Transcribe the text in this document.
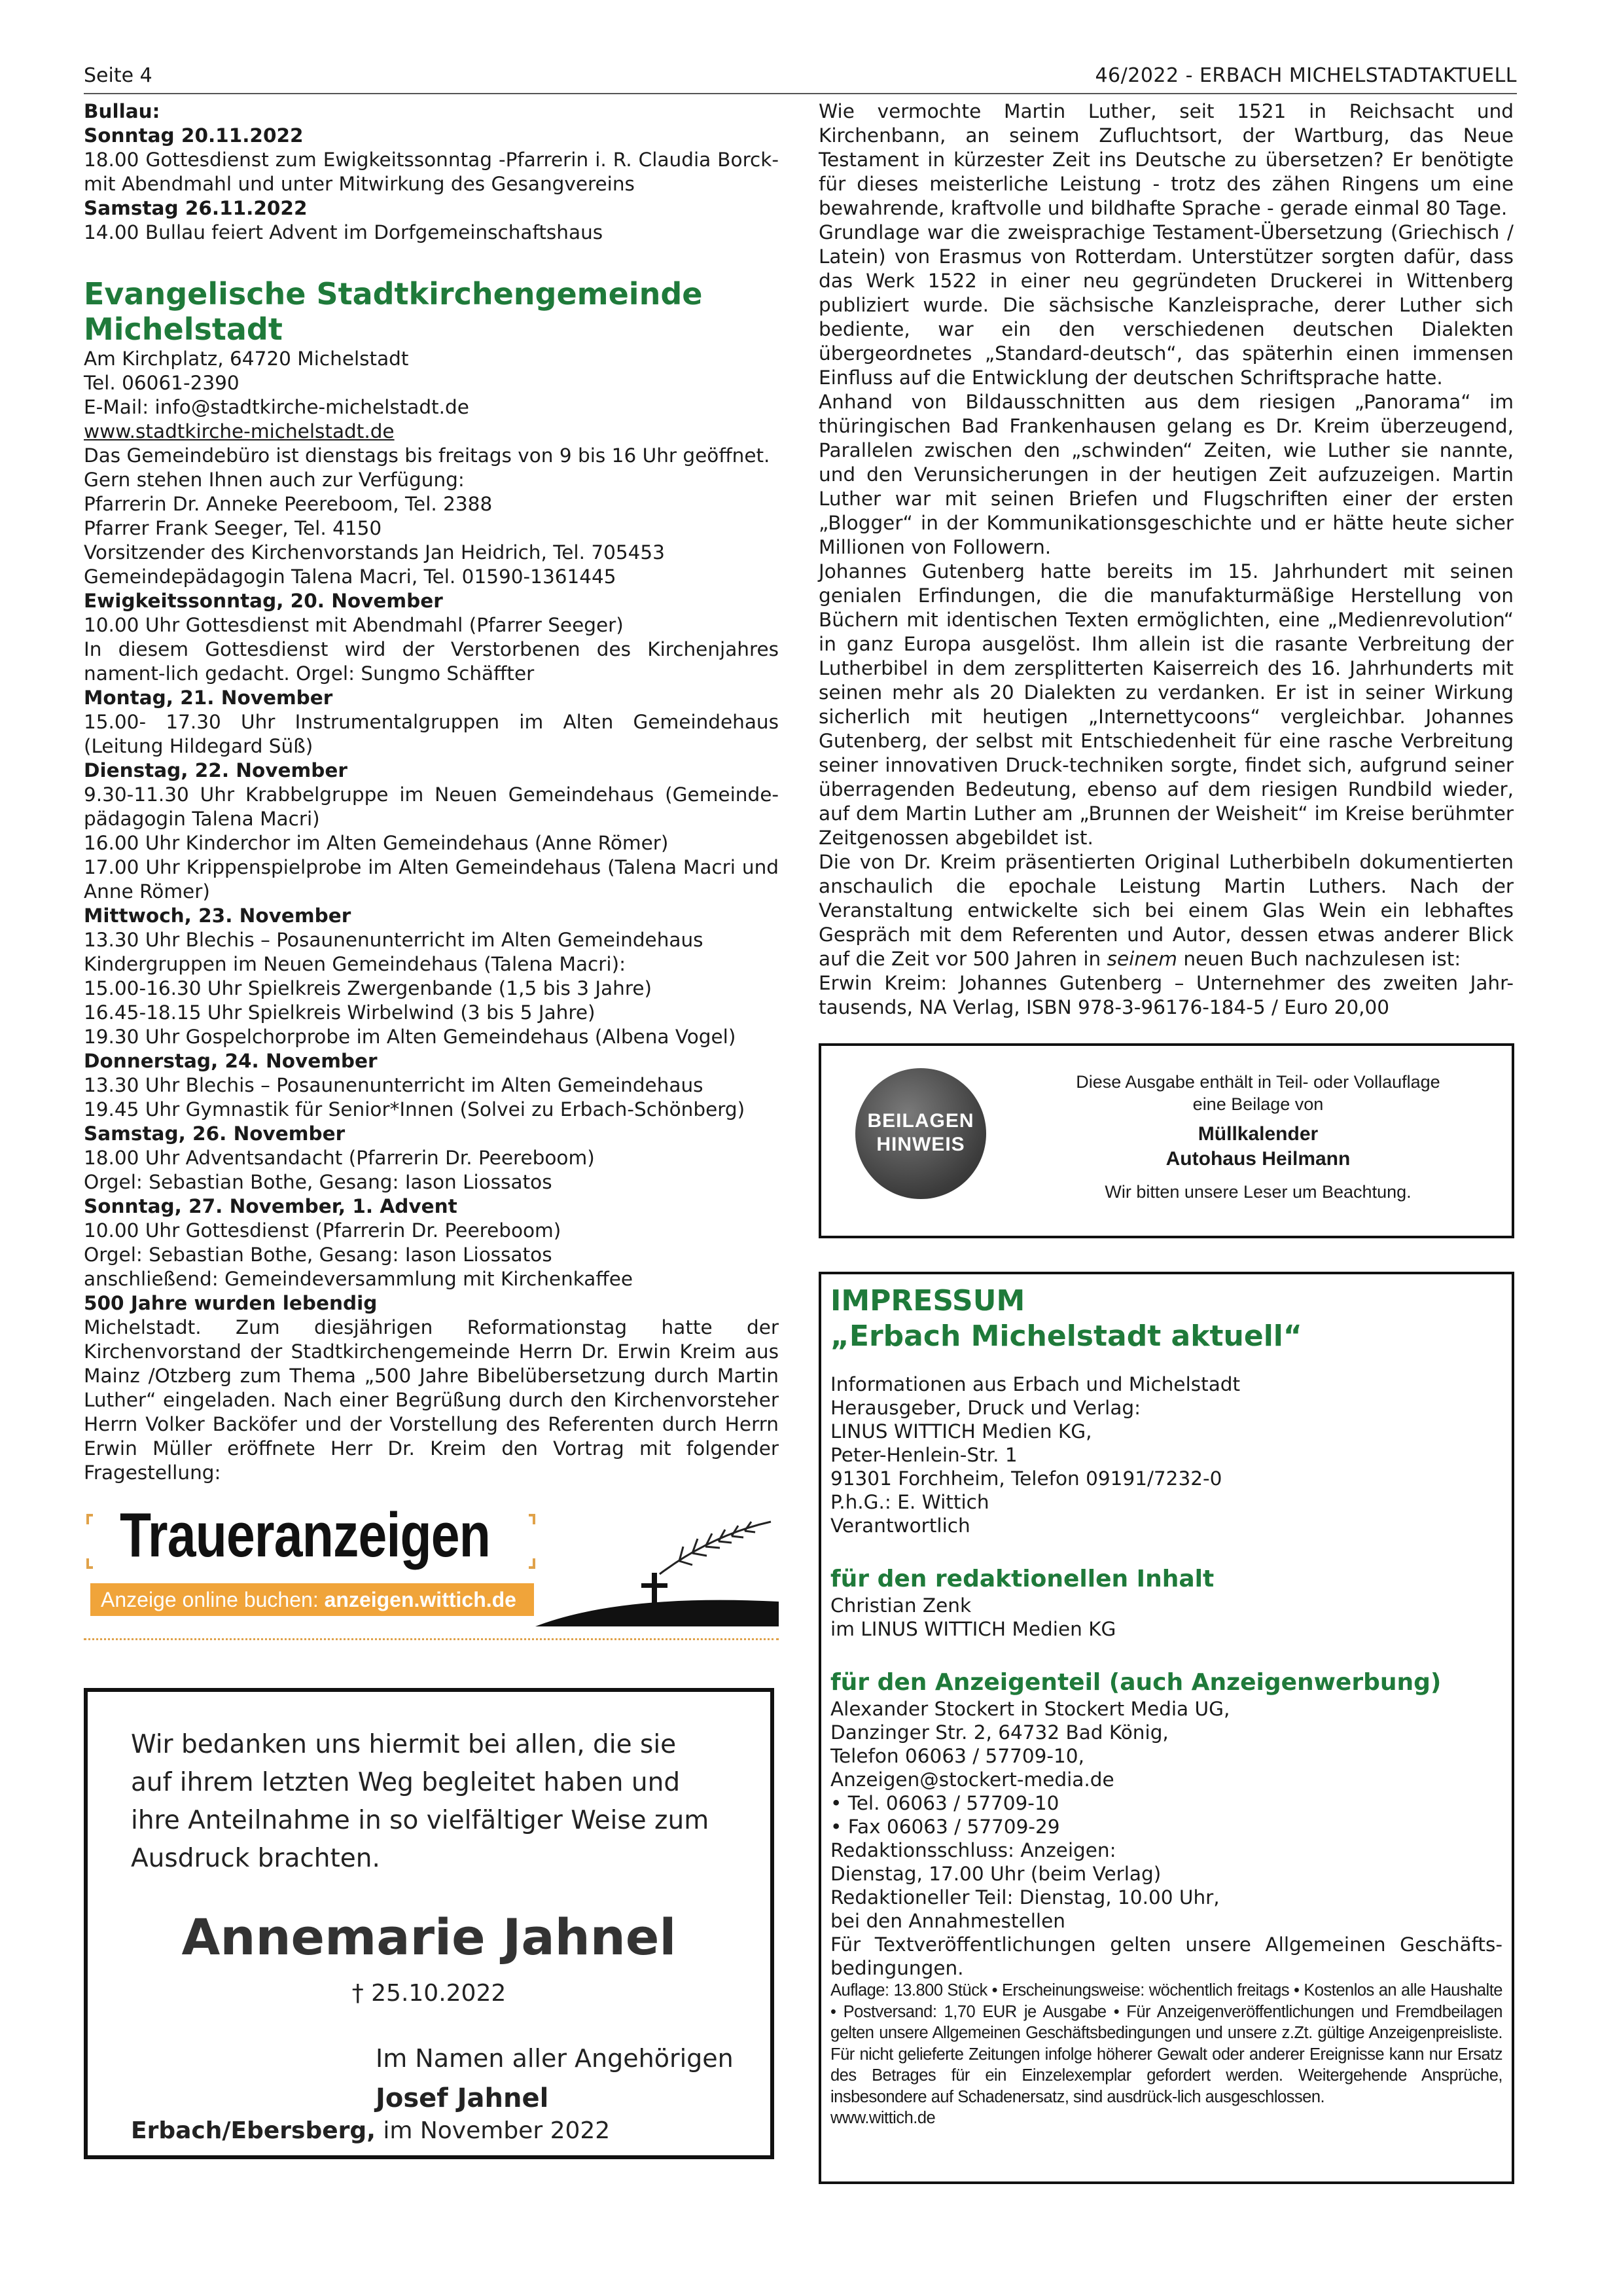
Seite 4	46/2022 - ERBACH MICHELSTADTAKTUELL

Bullau:

Sonntag 20.11.2022

18.00 Gottesdienst zum Ewigkeitssonntag -Pfarrerin i. R. Claudia Borck-mit Abendmahl und unter Mitwirkung des Gesangvereins

Samstag 26.11.2022

14.00 Bullau feiert Advent im Dorfgemeinschaftshaus

Evangelische Stadtkirchengemeinde Michelstadt

Am Kirchplatz, 64720 Michelstadt

Tel. 06061-2390

E-Mail: info@stadtkirche-michelstadt.de

www.stadtkirche-michelstadt.de

Das Gemeindebüro ist dienstags bis freitags von 9 bis 16 Uhr geöffnet.

Gern stehen Ihnen auch zur Verfügung:

Pfarrerin Dr. Anneke Peereboom, Tel. 2388

Pfarrer Frank Seeger, Tel. 4150

Vorsitzender des Kirchenvorstands Jan Heidrich, Tel. 705453

Gemeindepädagogin Talena Macri, Tel. 01590-1361445

Ewigkeitssonntag, 20. November

10.00 Uhr Gottesdienst mit Abendmahl (Pfarrer Seeger)

In diesem Gottesdienst wird der Verstorbenen des Kirchenjahres nament-lich gedacht. Orgel: Sungmo Schäffter

Montag, 21. November

15.00- 17.30 Uhr Instrumentalgruppen im Alten Gemeindehaus (Leitung Hildegard Süß)

Dienstag, 22. November

9.30-11.30 Uhr Krabbelgruppe im Neuen Gemeindehaus (Gemeinde-pädagogin Talena Macri)

16.00 Uhr Kinderchor im Alten Gemeindehaus (Anne Römer)

17.00 Uhr Krippenspielprobe im Alten Gemeindehaus (Talena Macri und Anne Römer)

Mittwoch, 23. November

13.30 Uhr Blechis – Posaunenunterricht im Alten Gemeindehaus

Kindergruppen im Neuen Gemeindehaus (Talena Macri):

15.00-16.30 Uhr Spielkreis Zwergenbande (1,5 bis 3 Jahre)

16.45-18.15 Uhr Spielkreis Wirbelwind (3 bis 5 Jahre)

19.30 Uhr Gospelchorprobe im Alten Gemeindehaus (Albena Vogel)

Donnerstag, 24. November

13.30 Uhr Blechis – Posaunenunterricht im Alten Gemeindehaus

19.45 Uhr Gymnastik für Senior*Innen (Solvei zu Erbach-Schönberg)

Samstag, 26. November

18.00 Uhr Adventsandacht (Pfarrerin Dr. Peereboom)

Orgel: Sebastian Bothe, Gesang: Iason Liossatos

Sonntag, 27. November, 1. Advent

10.00 Uhr Gottesdienst (Pfarrerin Dr. Peereboom)

Orgel: Sebastian Bothe, Gesang: Iason Liossatos

anschließend: Gemeindeversammlung mit Kirchenkaffee

500 Jahre wurden lebendig

Michelstadt. Zum diesjährigen Reformationstag hatte der Kirchenvorstand der Stadtkirchengemeinde Herrn Dr. Erwin Kreim aus Mainz /Otzberg zum Thema „500 Jahre Bibelübersetzung durch Martin Luther“ eingeladen. Nach einer Begrüßung durch den Kirchenvorsteher Herrn Volker Backöfer und der Vorstellung des Referenten durch Herrn Erwin Müller eröffnete Herr Dr. Kreim den Vortrag mit folgender Fragestellung:

Wie vermochte Martin Luther, seit 1521 in Reichsacht und Kirchenbann, an seinem Zufluchtsort, der Wartburg, das Neue Testament in kürzester Zeit ins Deutsche zu übersetzen? Er benötigte für dieses meisterliche Leistung - trotz des zähen Ringens um eine bewahrende, kraftvolle und bildhafte Sprache - gerade einmal 80 Tage.

Grundlage war die zweisprachige Testament-Übersetzung (Griechisch / Latein) von Erasmus von Rotterdam. Unterstützer sorgten dafür, dass das Werk 1522 in einer neu gegründeten Druckerei in Wittenberg publiziert wurde. Die sächsische Kanzleisprache, derer Luther sich bediente, war ein den verschiedenen deutschen Dialekten übergeordnetes „Standard-deutsch“, das späterhin einen immensen Einfluss auf die Entwicklung der deutschen Schriftsprache hatte.

Anhand von Bildausschnitten aus dem riesigen „Panorama“ im thüringischen Bad Frankenhausen gelang es Dr. Kreim überzeugend, Parallelen zwischen den „schwinden“ Zeiten, wie Luther sie nannte, und den Verunsicherungen in der heutigen Zeit aufzuzeigen. Martin Luther war mit seinen Briefen und Flugschriften einer der ersten „Blogger“ in der Kommunikationsgeschichte und er hätte heute sicher Millionen von Followern.

Johannes Gutenberg hatte bereits im 15. Jahrhundert mit seinen genialen Erfindungen, die die manufakturmäßige Herstellung von Büchern mit identischen Texten ermöglichten, eine „Medienrevolution“ in ganz Europa ausgelöst. Ihm allein ist die rasante Verbreitung der Lutherbibel in dem zersplitterten Kaiserreich des 16. Jahrhunderts mit seinen mehr als 20 Dialekten zu verdanken. Er ist in seiner Wirkung sicherlich mit heutigen „Internettycoons“ vergleichbar. Johannes Gutenberg, der selbst mit Entschiedenheit für eine rasche Verbreitung seiner innovativen Druck-techniken sorgte, findet sich, aufgrund seiner überragenden Bedeutung, ebenso auf dem riesigen Rundbild wieder, auf dem Martin Luther am „Brunnen der Weisheit“ im Kreise berühmter Zeitgenossen abgebildet ist.

Die von Dr. Kreim präsentierten Original Lutherbibeln dokumentierten anschaulich die epochale Leistung Martin Luthers. Nach der Veranstaltung entwickelte sich bei einem Glas Wein ein lebhaftes Gespräch mit dem Referenten und Autor, dessen etwas anderer Blick auf die Zeit vor 500 Jahren in seinem neuen Buch nachzulesen ist:

Erwin Kreim: Johannes Gutenberg – Unternehmer des zweiten Jahr-tausends, NA Verlag, ISBN 978-3-96176-184-5 / Euro 20,00

BEILAGEN
HINWEIS
Diese Ausgabe enthält in Teil- oder Vollauflage
eine Beilage von
Müllkalender
Autohaus Heilmann
Wir bitten unsere Leser um Beachtung.

IMPRESSUM

„Erbach Michelstadt aktuell“

Informationen aus Erbach und Michelstadt

Herausgeber, Druck und Verlag:

LINUS WITTICH Medien KG,

Peter-Henlein-Str. 1

91301 Forchheim, Telefon 09191/7232-0

P.h.G.: E. Wittich

Verantwortlich

für den redaktionellen Inhalt

Christian Zenk

im LINUS WITTICH Medien KG

für den Anzeigenteil (auch Anzeigenwerbung)

Alexander Stockert in Stockert Media UG,

Danzinger Str. 2, 64732 Bad König,

Telefon 06063 / 57709-10,

Anzeigen@stockert-media.de

• Tel. 06063 / 57709-10

• Fax 06063 / 57709-29

Redaktionsschluss: Anzeigen:

Dienstag, 17.00 Uhr (beim Verlag)

Redaktioneller Teil: Dienstag, 10.00 Uhr,

bei den Annahmestellen

Für Textveröffentlichungen gelten unsere Allgemeinen Geschäfts-bedingungen.

Auflage: 13.800 Stück • Erscheinungsweise: wöchentlich freitags • Kostenlos an alle Haushalte • Postversand: 1,70 EUR je Ausgabe • Für Anzeigenveröffentlichungen und Fremdbeilagen gelten unsere Allgemeinen Geschäftsbedingungen und unsere z.Zt. gültige Anzeigenpreisliste. Für nicht gelieferte Zeitungen infolge höherer Gewalt oder anderer Ereignisse kann nur Ersatz des Betrages für ein Einzelexemplar gefordert werden. Weitergehende Ansprüche, insbesondere auf Schadenersatz, sind ausdrück-lich ausgeschlossen.

www.wittich.de

Traueranzeigen
Anzeige online buchen: anzeigen.wittich.de
Wir bedanken uns hiermit bei allen, die sie auf ihrem letzten Weg begleitet haben und ihre Anteilnahme in so vielfältiger Weise zum Ausdruck brachten.
Annemarie Jahnel
† 25.10.2022
Im Namen aller Angehörigen
Josef Jahnel
Erbach/Ebersberg, im November 2022
